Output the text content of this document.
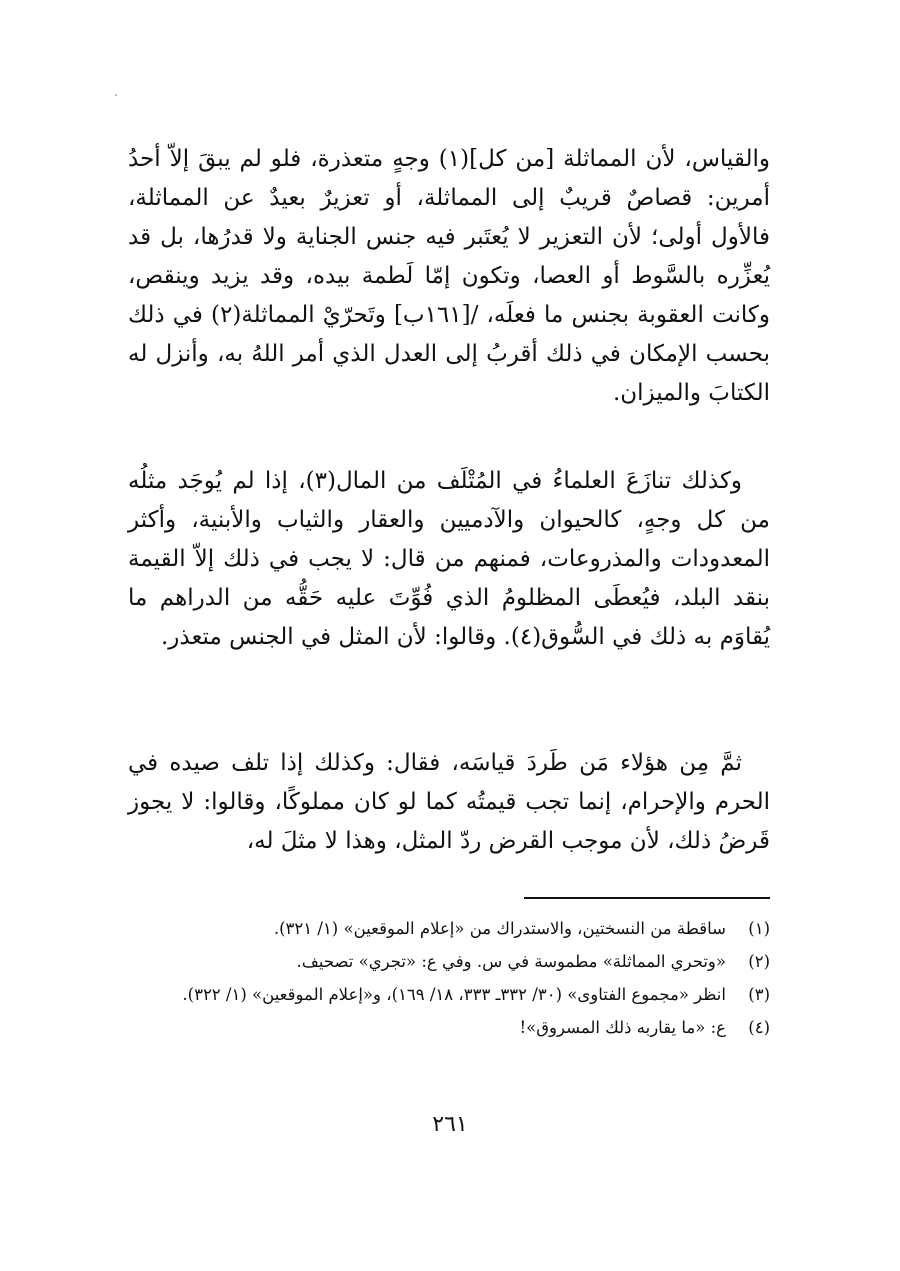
والقياس، لأن المماثلة [من كل](١) وجهٍ متعذرة، فلو لم يبقَ إلاّ أحدُ أمرين: قصاصٌ قريبٌ إلى المماثلة، أو تعزيرٌ بعيدٌ عن المماثلة، فالأول أولى؛ لأن التعزير لا يُعتَبر فيه جنس الجناية ولا قدرُها، بل قد يُعزِّره بالسَّوط أو العصا، وتكون إمّا لَطمة بيده، وقد يزيد وينقص، وكانت العقوبة بجنس ما فعلَه، /[١٦١ب] وتَحرّيْ المماثلة(٢) في ذلك بحسب الإمكان في ذلك أقربُ إلى العدل الذي أمر اللهُ به، وأنزل له الكتابَ والميزان.

وكذلك تنازَعَ العلماءُ في المُتْلَف من المال(٣)، إذا لم يُوجَد مثلُه من كل وجهٍ، كالحيوان والآدميين والعقار والثياب والأبنية، وأكثر المعدودات والمذروعات، فمنهم من قال: لا يجب في ذلك إلاّ القيمة بنقد البلد، فيُعطَى المظلومُ الذي فُوِّتَ عليه حَقُّه من الدراهم ما يُقاوَم به ذلك في السُّوق(٤). وقالوا: لأن المثل في الجنس متعذر.

ثمَّ مِن هؤلاء مَن طَردَ قياسَه، فقال: وكذلك إذا تلف صيده في الحرم والإحرام، إنما تجب قيمتُه كما لو كان مملوكًا، وقالوا: لا يجوز قَرضُ ذلك، لأن موجب القرض ردّ المثل، وهذا لا مثلَ له،

(١)
ساقطة من النسختين، والاستدراك من «إعلام الموقعين» (١/ ٣٢١).
(٢)
«وتحري المماثلة» مطموسة في س. وفي ع: «تجري» تصحيف.
(٣)
انظر «مجموع الفتاوى» (٣٠/ ٣٣٢ـ ٣٣٣، ١٨/ ١٦٩)، و«إعلام الموقعين» (١/ ٣٢٢).
(٤)
ع: «ما يقاربه ذلك المسروق»!
٢٦١
